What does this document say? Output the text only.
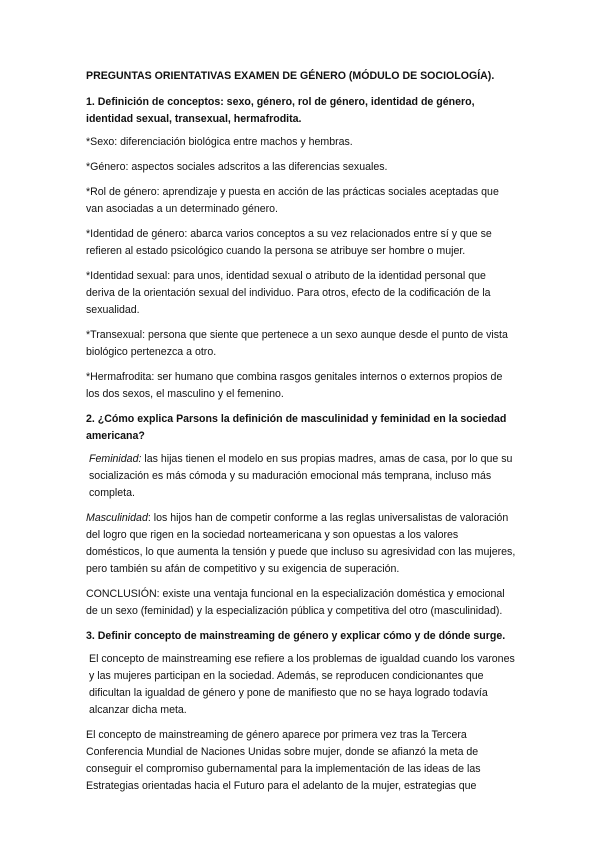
PREGUNTAS ORIENTATIVAS EXAMEN DE GÉNERO (MÓDULO DE SOCIOLOGÍA).
1. Definición de conceptos: sexo, género, rol de género, identidad de género, identidad sexual, transexual, hermafrodita.

*Sexo: diferenciación biológica entre machos y hembras.

*Género: aspectos sociales adscritos a las diferencias sexuales.

*Rol de género: aprendizaje y puesta en acción de las prácticas sociales aceptadas que van asociadas a un determinado género.

*Identidad de género: abarca varios conceptos a su vez relacionados entre sí y que se refieren al estado psicológico cuando la persona se atribuye ser hombre o mujer.

*Identidad sexual: para unos, identidad sexual o atributo de la identidad personal que deriva de la orientación sexual del individuo. Para otros, efecto de la codificación de la sexualidad.

*Transexual: persona que siente que pertenece a un sexo aunque desde el punto de vista biológico pertenezca a otro.

*Hermafrodita: ser humano que combina rasgos genitales internos o externos propios de los dos sexos, el masculino y el femenino.

2. ¿Cómo explica Parsons la definición de masculinidad y feminidad en la sociedad americana?

Feminidad: las hijas tienen el modelo en sus propias madres, amas de casa, por lo que su socialización es más cómoda y su maduración emocional más temprana, incluso más completa.

Masculinidad: los hijos han de competir conforme a las reglas universalistas de valoración del logro que rigen en la sociedad norteamericana y son opuestas a los valores domésticos, lo que aumenta la tensión y puede que incluso su agresividad con las mujeres, pero también su afán de competitivo y su exigencia de superación.

CONCLUSIÓN: existe una ventaja funcional en la especialización doméstica y emocional de un sexo (feminidad) y la especialización pública y competitiva del otro (masculinidad).

3. Definir concepto de mainstreaming de género y explicar cómo y de dónde surge.

El concepto de mainstreaming ese refiere a los problemas de igualdad cuando los varones y las mujeres participan en la sociedad. Además, se reproducen condicionantes que dificultan la igualdad de género y pone de manifiesto que no se haya logrado todavía alcanzar dicha meta.

El concepto de mainstreaming de género aparece por primera vez tras la Tercera Conferencia Mundial de Naciones Unidas sobre mujer, donde se afianzó la meta de conseguir el compromiso gubernamental para la implementación de las ideas de las Estrategias orientadas hacia el Futuro para el adelanto de la mujer, estrategias que
